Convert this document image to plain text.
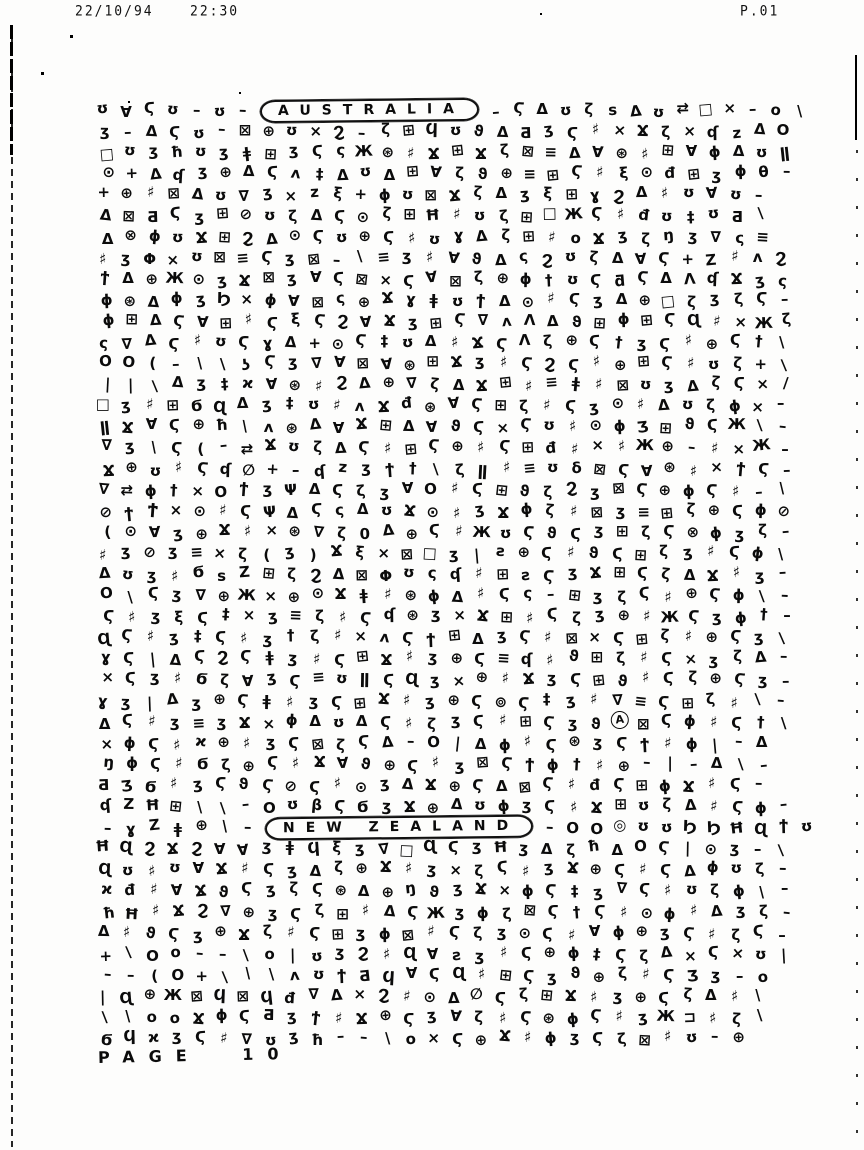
22/10/94	22:30	P.01
ʊ ∀ Ϛ ʊ – ʊ – AUSTRALIA – Ϛ Δ ʊ ζ s Δ ʊ ⇄ □ × – o \
ʒ – Δ Ϛ ʊ – ⊠ ⊕ ʊ × Ϩ – ζ ⊞ Ϥ ʊ ϑ Δ Ƌ ʒ Ϛ ♯ × Ϫ ζ × ʠ z Δ O
□ ʊ ʒ ħ ʊ ʒ ǂ ⊞ ʒ Ϛ ς Ж ⊛ ♯ Ϫ ⊞ Ϫ ζ ⊠ ≡ Δ ∀ ⊛ ♯ ⊞ ∀ ϕ Δ ʊ ǁ
⊙ + Δ ʠ ʒ ⊕ Δ Ϛ ʌ ‡ Δ ʊ Δ ⊞ ∀ ζ ϑ ⊕ ≡ ⊞ Ϛ ♯ ξ ⊙ đ ⊞ ʒ ϕ θ –
+ ⊕ ♯ ⊠ Δ ʊ ∇ ʒ × z ξ + ɸ ʊ ⊠ Ϫ ζ Δ ʒ ξ ⊞ ɣ Ϩ Δ ♯ ʊ ∀ ʊ –
Δ ⊠ Ƌ Ϛ ʒ ⊞ ⊘ ʊ ζ Δ Ϛ ⊙ ζ ⊞ Ħ ♯ ʊ ζ ⊞ □ Ж Ϛ ♯ đ ʊ ‡ ʊ Ƌ \
Δ ⊗ ϕ ʊ Ϫ ⊞ Ϩ Δ ⊙ Ϛ ʊ ⊕ Ϛ ♯ ʊ ɣ Δ ζ ⊞ ♯ o Ϫ ʒ ζ ŋ ʒ ∇ ς ≡
♯ ʒ Φ × ʊ ⊠ ≡ Ϛ ʒ ⊠ – \ ≡ ʒ ♯ ∀ ϑ Δ ς Ϩ ʊ ζ Δ ∀ Ϛ + Z ♯ ʌ Ϩ
ϯ Δ ⊕ Ж ⊙ ʒ Ϫ ⊠ ʒ ∀ Ϛ ⊠ × Ϛ ∀ ⊠ ζ ⊕ ϕ † ʊ Ϛ ƌ Ϛ Δ Λ ʠ Ϫ ʒ ς
ɸ ⊛ Δ ϕ ʒ Ϧ × ɸ ∀ ⊠ ς ⊕ Ϫ ɣ ǂ ʊ ϯ Δ ⊙ ♯ Ϛ ʒ Δ ⊕ □ ζ ʒ ζ Ϛ –
ɸ ⊞ Δ Ϛ ∀ ⊞ ♯ Ϛ ξ Ϛ Ϩ ∀ Ϫ ʒ ⊞ Ϛ ∇ ʌ Λ Δ ϑ ⊞ ϕ ⊞ Ϛ Ɋ ♯ × Ж ζ
ς ∇ Δ Ϛ ♯ ʊ Ϛ ɣ Δ + ⊙ Ϛ ‡ ʊ Δ ♯ Ϫ Ϛ Λ ζ ⊕ Ϛ † ʒ Ϛ ♯ ⊕ Ϛ † \
O O ( – \ \ ʖ Ϛ ʒ ∇ ∀ ⊠ ∀ ⊛ ⊞ Ϫ ʒ ♯ Ϛ Ϩ Ϛ ♯ ⊕ ⊞ Ϛ ♯ ʊ ζ + \
| | \ Δ ʒ ‡ ϰ ∀ ⊛ ♯ Ϩ Δ ⊕ ∇ ζ Δ Ϫ ⊞ ♯ ≡ ǂ ♯ ⊠ ʊ ʒ Δ ζ Ϛ × /
□ ʒ ♯ ⊞ Ϭ Ɋ Δ ʒ ‡ ʊ ♯ ʌ Ϫ đ ⊛ ∀ Ϛ ⊞ ζ ♯ Ϛ ʒ ⊙ ♯ Δ ʊ ζ ϕ × –
ǁ Ϫ ∀ Ϛ ⊕ ħ \ ʌ ⊛ Δ ∀ Ϫ ⊞ Δ ∀ ϑ Ϛ × Ϛ ʊ ♯ ⊙ ϕ Ʒ ⊞ ϑ Ϛ Ж \ –
∇ ʒ \ Ϛ ( – ⇄ Ϫ ʊ ζ Δ Ϛ ♯ ⊞ Ϛ ⊕ ♯ Ϛ ⊞ đ ♯ × ♯ Ж ⊕ – ♯ × Ж –
Ϫ ⊕ ʊ ♯ Ϛ ʠ ∅ + – ʠ z ʒ ϯ † \ ζ ǁ ♯ ≡ ʊ δ ⊠ Ϛ ∀ ⊛ ♯ × ϯ Ϛ –
∇ ⇄ ϕ † × O ϯ ʒ Ψ Δ Ϛ ζ ʒ ∀ O ♯ Ϛ ⊞ ϑ ζ Ϩ ʒ ⊠ Ϛ ⊕ ϕ Ϛ ♯ – \
⊘ ϯ Ϯ × ⊙ ♯ Ϛ Ψ Δ Ϛ ς Δ ʊ Ϫ ⊙ ♯ ʒ Ϫ ϕ ζ ♯ ⊠ ʒ ≡ ⊞ ζ ⊕ Ϛ ϕ ⊘
( ⊙ ∀ ʒ ⊕ Ϫ ♯ × ⊛ ∇ ζ 0 Δ ⊕ Ϛ ♯ Ж ʊ Ϛ ϑ Ϛ ʒ ⊞ ζ Ϛ ⊗ ϕ ʒ ζ –
♯ ʒ ⊘ ʒ ≡ × ζ ( ʒ ) Ϫ ξ × ⊠ □ ʒ | ƨ ⊕ Ϛ ♯ ϑ Ϛ ⊞ ζ ʒ ♯ Ϛ ϕ \
Δ ʊ ʒ ♯ Ϭ s Z ⊞ ζ Ϩ Δ ⊠ Φ ʊ ς ʠ ♯ ⊞ ƨ Ϛ ʒ Ϫ ⊞ Ϛ ζ Δ Ϫ ♯ ʒ –
O \ Ϛ ʒ ∇ ⊕ Ж × ⊕ ⊙ Ϫ ǂ ♯ ⊛ ϕ Δ ♯ Ϛ ς – ⊞ ʒ ζ Ϛ ♯ ⊕ Ϛ ϕ \ –
Ϛ ♯ ʒ ξ Ϛ ‡ × ʒ ≡ ζ ♯ Ϛ ʠ ⊛ ʒ × Ϫ ⊞ ♯ Ϛ ζ ʒ ⊕ ♯ Ж Ϛ ʒ ϕ † –
Ɋ Ϛ ♯ ʒ ‡ Ϛ ♯ ʒ † ζ ♯ × ʌ Ϛ ϯ ⊞ Δ ʒ Ϛ ♯ ⊠ × Ϛ ⊞ ζ ♯ ⊕ Ϛ ʒ \
ɣ Ϛ | Δ Ϛ Ϩ Ϛ ǂ ʒ ♯ Ϛ ⊞ Ϫ ♯ ʒ ⊕ Ϛ ≡ ʠ ♯ ϑ ⊞ ζ ♯ Ϛ × ʒ ζ Δ –
× Ϛ ʒ ♯ Ϭ ζ ∀ ʒ Ϛ ≡ ʊ ǁ Ϛ Ɋ ʒ × ⊕ ♯ Ϫ ʒ Ϛ ⊞ ϑ ♯ Ϛ ζ ⊕ Ϛ ʒ –
ɣ ʒ | Δ ʒ ⊕ Ϛ ǂ ♯ ʒ Ϛ ⊞ Ϫ ♯ ʒ ⊕ Ϛ ⊚ Ϛ ‡ ʒ ♯ ∇ ≡ Ϛ ⊞ ζ ♯ \ –
Δ Ϛ ♯ ʒ ≡ ʒ Ϫ × ϕ Δ ʊ Δ Ϛ ♯ ζ ʒ Ϛ ♯ ⊞ Ϛ ʒ ϑ A ⊠ Ϛ ϕ ♯ Ϛ † \
× ϕ Ϛ ♯ ϰ ⊕ ♯ ʒ Ϛ ⊠ ζ Ϛ Δ – O | Δ ϕ ♯ Ϛ ⊛ ʒ Ϛ ϯ ♯ ϕ | – Δ
ŋ ϕ Ϛ ♯ Ϭ ζ ⊕ Ϛ ♯ Ϫ ∀ ϑ ⊕ Ϛ ♯ ʒ ⊠ Ϛ ϯ ϕ † ♯ ⊕ – | – Δ \ –
Ƌ Ʒ Ϭ ♯ ʒ Ϛ ϑ Ϛ ⊘ Ϛ ♯ ⊙ ʒ Δ Ϫ ⊕ Ϛ Δ ⊠ Ϛ ♯ đ Ϛ ⊞ ϕ Ϫ ♯ Ϛ –
ʠ Z Ħ ⊞ \ \ – O ʊ β Ϛ Ϭ ʒ Ϫ ⊕ Δ ʊ ϕ ʒ Ϛ ♯ Ϫ ⊞ ʊ ζ Δ ♯ Ϛ ϕ –
– ɣ Z ǂ ⊕ \ – NEW ZEALAND – O O ◎ ʊ ʊ Ϧ Ϧ Ħ Ɋ ϯ ʊ
Ħ Ɋ Ϩ Ϫ Ϩ ∀ ∀ ʒ ǂ Ϥ ξ ʒ ∇ □ Ɋ Ϛ ʒ Ħ ʒ Δ ζ ħ Δ O Ϛ | ⊙ ʒ – \
Ɋ ʊ ♯ ʊ ∀ Ϫ ♯ Ϛ ʒ Δ ζ ⊕ Ϫ ♯ ʒ × ζ Ϛ ♯ ʒ Ϫ ⊕ Ϛ ♯ Ϛ Δ ϕ ʊ ζ –
ϰ đ ♯ ∀ Ϫ ϑ Ϛ ʒ ζ Ϛ ⊛ Δ ⊕ ŋ ϑ ʒ Ϫ × ϕ Ϛ ‡ ʒ ∇ Ϛ ♯ ʊ ζ ϕ \ –
ħ Ħ ♯ Ϫ Ϩ ∇ ⊕ ʒ Ϛ ζ ⊞ ♯ Δ Ϛ Ж ʒ ϕ ζ ⊠ Ϛ † Ϛ ♯ ⊙ ϕ ♯ Δ ʒ ζ –
Δ ♯ ϑ Ϛ ʒ ⊕ Ϫ ζ ♯ Ϛ ⊞ ʒ ϕ ⊠ ♯ Ϛ ζ ʒ ⊙ Ϛ ♯ ∀ ϕ ⊕ ʒ Ϛ ♯ ζ Ϛ –
+ \ O o – – \ o | ʊ ʒ Ϩ ♯ Ɋ ∀ ƨ ʒ ♯ Ϛ ⊕ ϕ ‡ Ϛ ζ Δ × Ϛ × ʊ |
– – ( O + \ \ \ ʌ ʊ ϯ Ƌ Ϥ ∀ Ϛ Ɋ ♯ ⊞ Ϛ ʒ ϑ ⊕ ζ ♯ Ϛ Ʒ ʒ – o
| Ɋ ⊕ Ж ⊠ Ϥ ⊠ Ϥ đ ∇ Δ × Ϩ ♯ ⊙ Δ ∅ Ϛ ζ ⊞ Ϫ ♯ ʒ ⊕ Ϛ ζ Δ ♯ \
\ \ o o Ϫ ɸ Ϛ Ƌ ʒ ϯ ♯ Ϫ ⊕ Ϛ ʒ ∀ ζ ♯ Ϛ ⊛ ϕ Ϛ ♯ ʒ Ж ⊐ ♯ ζ \
Ϭ Ϥ ϰ ʒ Ϛ ♯ ∇ ʊ ʒ ħ – – \ o × Ϛ ⊕ Ϫ ♯ ϕ ʒ Ϛ ζ ⊠ ♯ ʊ – ⊕
PAGE 10
